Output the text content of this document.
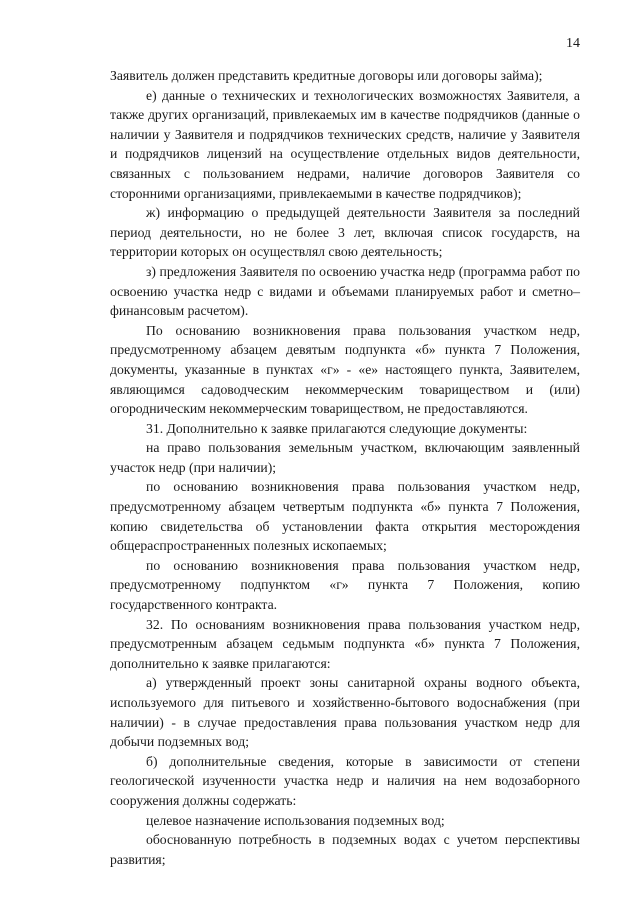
14

Заявитель должен представить кредитные договоры или договоры займа);

е) данные о технических и технологических возможностях Заявителя, а также других организаций, привлекаемых им в качестве подрядчиков (данные о наличии у Заявителя и подрядчиков технических средств, наличие у Заявителя и подрядчиков лицензий на осуществление отдельных видов деятельности, связанных с пользованием недрами, наличие договоров Заявителя со сторонними организациями, привлекаемыми в качестве подрядчиков);

ж) информацию о предыдущей деятельности Заявителя за последний период деятельности, но не более 3 лет, включая список государств, на территории которых он осуществлял свою деятельность;

з) предложения Заявителя по освоению участка недр (программа работ по освоению участка недр с видами и объемами планируемых работ и сметно–финансовым расчетом).

По основанию возникновения права пользования участком недр, предусмотренному абзацем девятым подпункта «б» пункта 7 Положения, документы, указанные в пунктах «г» - «е» настоящего пункта, Заявителем, являющимся садоводческим некоммерческим товариществом и (или) огородническим некоммерческим товариществом, не предоставляются.

31. Дополнительно к заявке прилагаются следующие документы:

на право пользования земельным участком, включающим заявленный участок недр (при наличии);

по основанию возникновения права пользования участком недр, предусмотренному абзацем четвертым подпункта «б» пункта 7 Положения, копию свидетельства об установлении факта открытия месторождения общераспространенных полезных ископаемых;

по основанию возникновения права пользования участком недр, предусмотренному подпунктом «г» пункта 7 Положения, копию государственного контракта.

32. По основаниям возникновения права пользования участком недр, предусмотренным абзацем седьмым подпункта «б» пункта 7 Положения, дополнительно к заявке прилагаются:

а) утвержденный проект зоны санитарной охраны водного объекта, используемого для питьевого и хозяйственно-бытового водоснабжения (при наличии) - в случае предоставления права пользования участком недр для добычи подземных вод;

б) дополнительные сведения, которые в зависимости от степени геологической изученности участка недр и наличия на нем водозаборного сооружения должны содержать:

целевое назначение использования подземных вод;

обоснованную потребность в подземных водах с учетом перспективы развития;
